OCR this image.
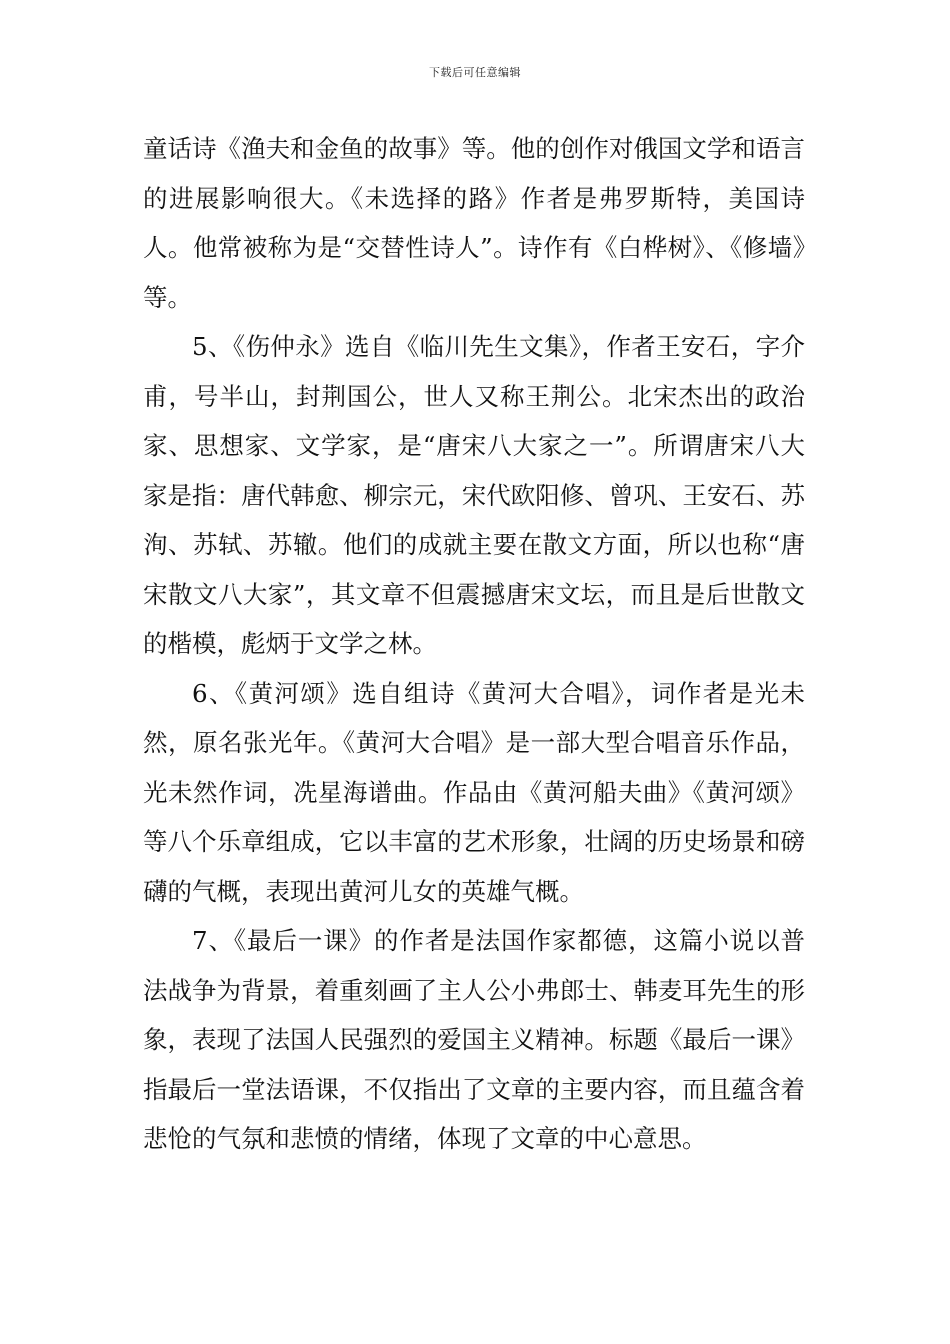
下载后可任意编辑

童话诗《渔夫和金鱼的故事》等。他的创作对俄国文学和语言的进展影响很大。《未选择的路》作者是弗罗斯特，美国诗人。他常被称为是“交替性诗人”。诗作有《白桦树》、《修墙》等。

5、《伤仲永》选自《临川先生文集》，作者王安石，字介甫，号半山，封荆国公，世人又称王荆公。北宋杰出的政治家、思想家、文学家，是“唐宋八大家之一”。所谓唐宋八大家是指：唐代韩愈、柳宗元，宋代欧阳修、曾巩、王安石、苏洵、苏轼、苏辙。他们的成就主要在散文方面，所以也称“唐宋散文八大家”，其文章不但震撼唐宋文坛，而且是后世散文的楷模，彪炳于文学之林。

6、《黄河颂》选自组诗《黄河大合唱》，词作者是光未然，原名张光年。《黄河大合唱》是一部大型合唱音乐作品，光未然作词，冼星海谱曲。作品由《黄河船夫曲》《黄河颂》等八个乐章组成，它以丰富的艺术形象，壮阔的历史场景和磅礴的气概，表现出黄河儿女的英雄气概。

7、《最后一课》的作者是法国作家都德，这篇小说以普法战争为背景，着重刻画了主人公小弗郎士、韩麦耳先生的形象，表现了法国人民强烈的爱国主义精神。标题《最后一课》指最后一堂法语课，不仅指出了文章的主要内容，而且蕴含着悲怆的气氛和悲愤的情绪，体现了文章的中心意思。
